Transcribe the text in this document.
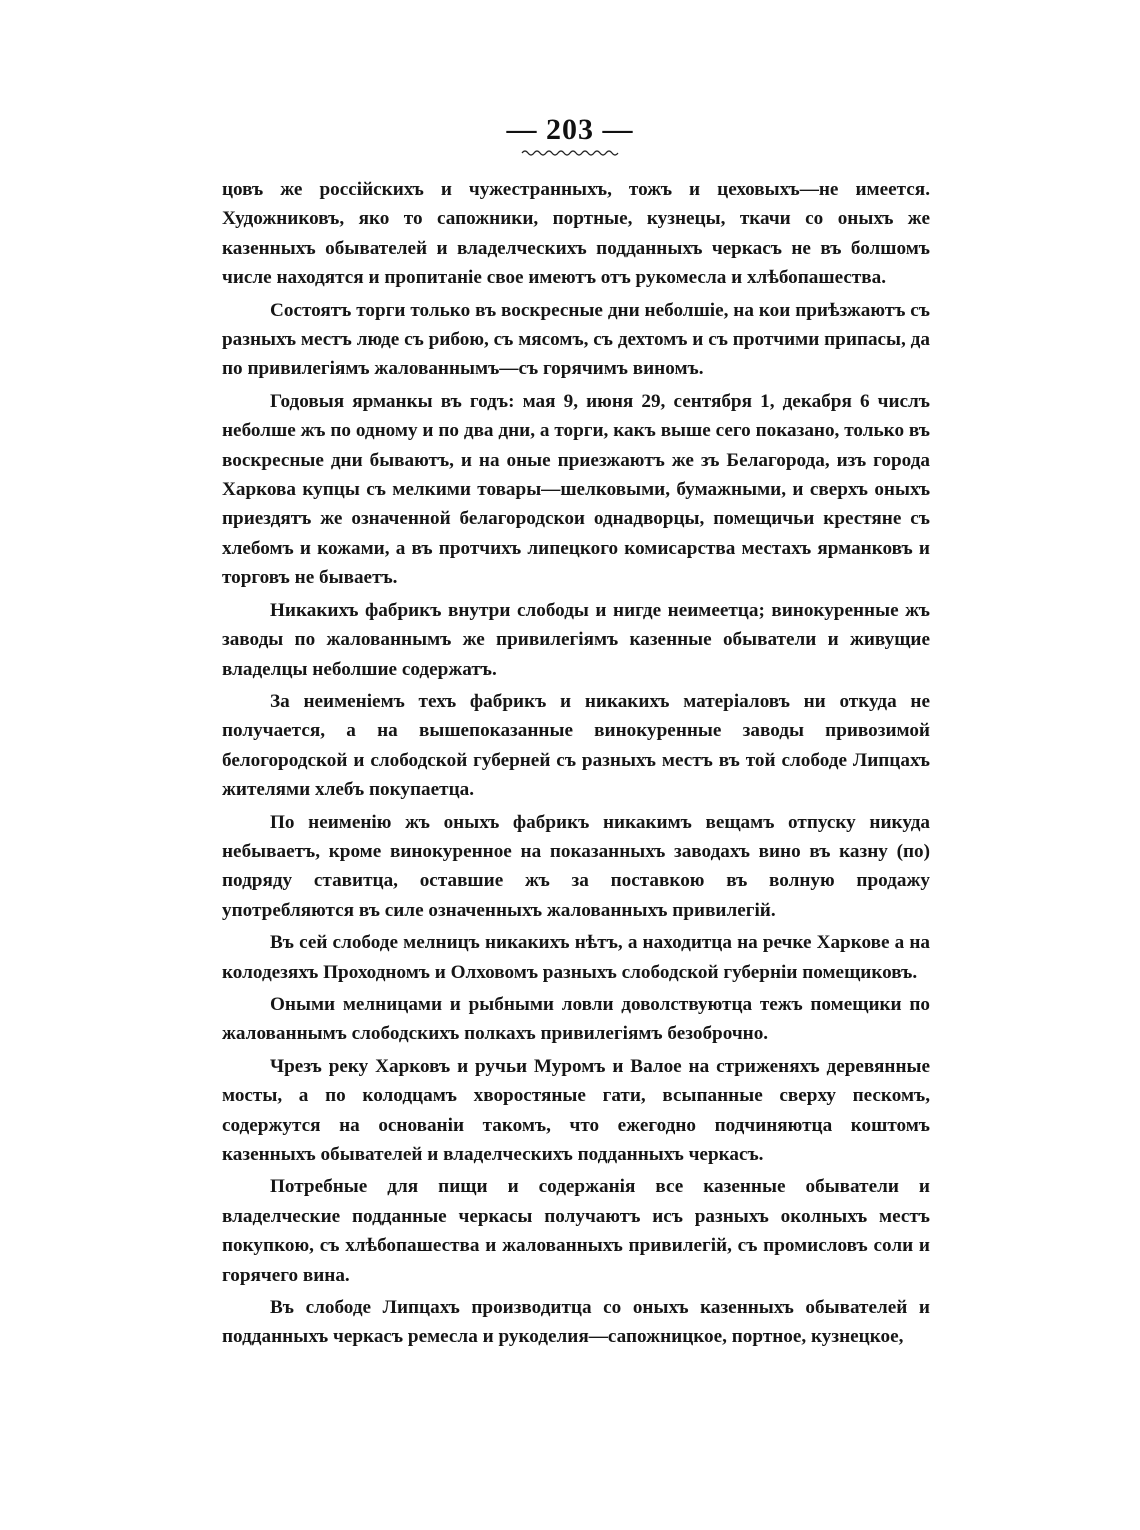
— 203 —

цовъ же россійскихъ и чужестранныхъ, тожъ и цеховыхъ—не имеется. Художниковъ, яко то сапожники, портные, кузнецы, ткачи со оныхъ же казенныхъ обывателей и владелческихъ подданныхъ черкасъ не въ болшомъ числе находятся и пропитаніе свое имеютъ отъ рукомесла и хлѣбопашества.

Состоятъ торги только въ воскресные дни неболшіе, на кои приѣзжаютъ съ разныхъ местъ люде съ рибою, съ мясомъ, съ дехтомъ и съ протчими припасы, да по привилегіямъ жалованнымъ—съ горячимъ виномъ.

Годовыя ярманкы въ годъ: мая 9, июня 29, сентября 1, декабря 6 числъ неболше жъ по одному и по два дни, а торги, какъ выше сего показано, только въ воскресные дни бываютъ, и на оные приезжаютъ же зъ Белагорода, изъ города Харкова купцы съ мелкими товары—шелковыми, бумажными, и сверхъ оныхъ приездятъ же означенной белагородскои однадворцы, помещичьи крестяне съ хлебомъ и кожами, а въ протчихъ липецкого комисарства местахъ ярманковъ и торговъ не бываетъ.

Никакихъ фабрикъ внутри слободы и нигде неимеетца; винокуренные жъ заводы по жалованнымъ же привилегіямъ казенные обыватели и живущие владелцы неболшие содержатъ.

За неименіемъ техъ фабрикъ и никакихъ матеріаловъ ни откуда не получается, а на вышепоказанные винокуренные заводы привозимой белогородской и слободской губерней съ разныхъ местъ въ той слободе Липцахъ жителями хлебъ покупаетца.

По неименію жъ оныхъ фабрикъ никакимъ вещамъ отпуску никуда небываетъ, кроме винокуренное на показанныхъ заводахъ вино въ казну (по) подряду ставитца, оставшие жъ за поставкою въ волную продажу употребляются въ силе означенныхъ жалованныхъ привилегій.

Въ сей слободе мелницъ никакихъ нѣтъ, а находитца на речке Харкове а на колодезяхъ Проходномъ и Олховомъ разныхъ слободской губерніи помещиковъ.

Оными мелницами и рыбными ловли доволствуютца тежъ помещики по жалованнымъ слободскихъ полкахъ привилегіямъ безоброчно.

Чрезъ реку Харковъ и ручьи Муромъ и Валое на стриженяхъ деревянные мосты, а по колодцамъ хворостяные гати, всыпанные сверху пескомъ, содержутся на основаніи такомъ, что ежегодно подчиняютца коштомъ казенныхъ обывателей и владелческихъ подданныхъ черкасъ.

Потребные для пищи и содержанія все казенные обыватели и владелческие подданные черкасы получаютъ исъ разныхъ околныхъ местъ покупкою, съ хлѣбопашества и жалованныхъ привилегій, съ промисловъ соли и горячего вина.

Въ слободе Липцахъ производитца со оныхъ казенныхъ обывателей и подданныхъ черкасъ ремесла и рукоделия—сапожницкое, портное, кузнецкое,
